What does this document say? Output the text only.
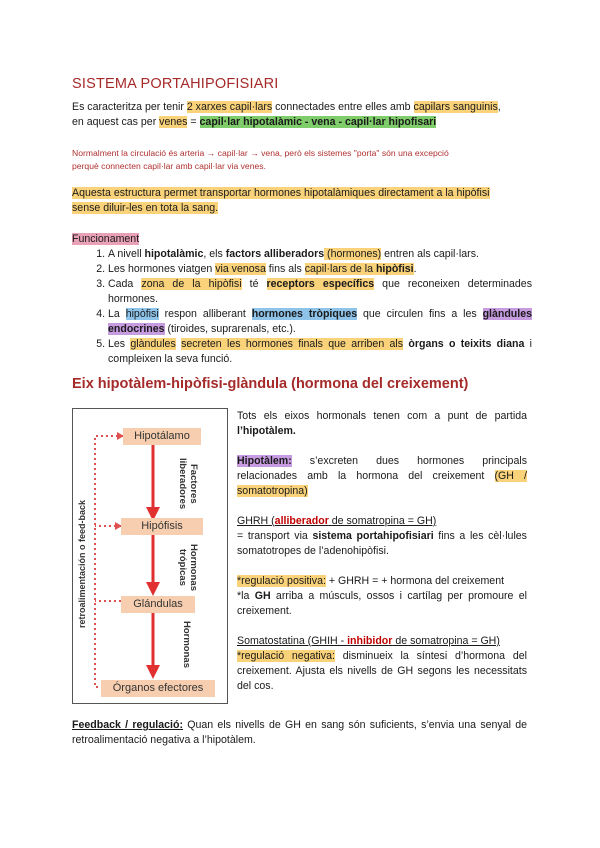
SISTEMA PORTAHIPOFISIARI
Es caracteritza per tenir 2 xarxes capil·lars connectades entre elles amb capilars sanguinis,
en aquest cas per venes = capil·lar hipotalàmic - vena - capil·lar hipofisari
Normalment la circulació és arteria → capil·lar → vena, però els sistemes "porta" són una excepció
perquè connecten capil·lar amb capil·lar via venes.
Aquesta estructura permet transportar hormones hipotalàmiques directament a la hipòfisi
sense diluir-les en tota la sang.
Funcionament
1. A nivell hipotalàmic, els factors alliberadors (hormones) entren als capil·lars.
2. Les hormones viatgen via venosa fins als capil·lars de la hipòfisi.
3. Cada zona de la hipòfisi té receptors específics que reconeixen determinades hormones.
4. La hipòfisi respon alliberant hormones tròpiques que circulen fins a les glàndules endocrines (tiroides, suprarenals, etc.).
5. Les glàndules secreten les hormones finals que arriben als òrgans o teixits diana i compleixen la seva funció.
Eix hipotàlem-hipòfisi-glàndula (hormona del creixement)
Hipotálamo
Hipófisis
Glándulas
Órganos efectores
Factores liberadores
Hormonas trópicas
Hormonas
retroalimentación o feed-back
Tots els eixos hormonals tenen com a punt de partida l’hipotàlem.
Hipotàlem: s’excreten dues hormones principals relacionades amb la hormona del creixement (GH / somatotropina)
GHRH (alliberador de somatropina = GH)
= transport via sistema portahipofisiari fins a les cèl·lules somatotropes de l’adenohipòfisi.
*regulació positiva: + GHRH = + hormona del creixement
*la GH arriba a músculs, ossos i cartílag per promoure el creixement.
Somatostatina (GHIH - inhibidor de somatropina = GH)
*regulació negativa: disminueix la síntesi d’hormona del creixement. Ajusta els nivells de GH segons les necessitats del cos.
Feedback / regulació: Quan els nivells de GH en sang són suficients, s’envia una senyal de retroalimentació negativa a l’hipotàlem.
